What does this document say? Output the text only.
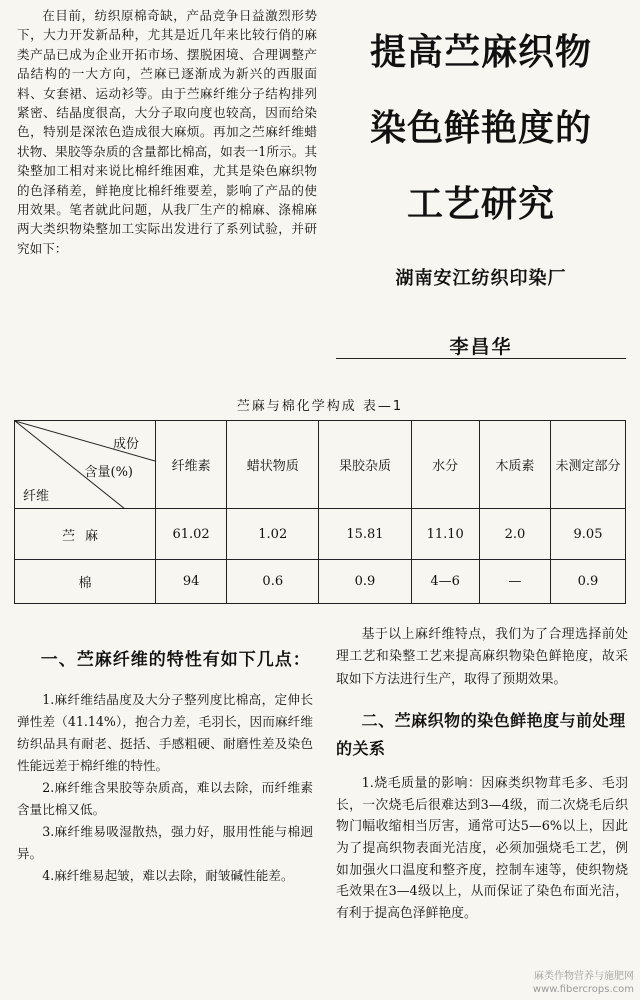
在目前，纺织原棉奇缺，产品竞争日益激烈形势下，大力开发新品种，尤其是近几年来比较行俏的麻类产品已成为企业开拓市场、摆脱困境、合理调整产品结构的一大方向，苎麻已逐渐成为新兴的西服面料、女套裙、运动衫等。由于苎麻纤维分子结构排列紧密、结晶度很高，大分子取向度也较高，因而给染色，特别是深浓色造成很大麻烦。再加之苎麻纤维蜡状物、果胶等杂质的含量都比棉高，如表一1所示。其染整加工相对来说比棉纤维困难，尤其是染色麻织物的色泽稍差，鲜艳度比棉纤维要差，影响了产品的使用效果。笔者就此问题，从我厂生产的棉麻、涤棉麻两大类织物染整加工实际出发进行了系列试验，并研究如下：

提高苎麻织物
染色鲜艳度的
工艺研究
湖南安江纺织印染厂
李昌华
苎麻与棉化学构成 表—1
成份
含量(%)
纤维	纤维素	蜡状物质	果胶杂质	水分	木质素	未测定部分
苎麻	61.02	1.02	15.81	11.10	2.0	9.05
棉	94	0.6	0.9	4—6	—	0.9
一、苎麻纤维的特性有如下几点：

1.麻纤维结晶度及大分子整列度比棉高，定伸长弹性差（41.14%），抱合力差，毛羽长，因而麻纤维纺织品具有耐老、挺括、手感粗硬、耐磨性差及染色性能远差于棉纤维的特性。

2.麻纤维含果胶等杂质高，难以去除，而纤维素含量比棉又低。

3.麻纤维易吸湿散热，强力好，服用性能与棉迥异。

4.麻纤维易起皱，难以去除，耐皱碱性能差。

基于以上麻纤维特点，我们为了合理选择前处理工艺和染整工艺来提高麻织物染色鲜艳度，故采取如下方法进行生产，取得了预期效果。

二、苎麻织物的染色鲜艳度与前处理的关系

1.烧毛质量的影响：因麻类织物茸毛多、毛羽长，一次烧毛后很难达到3—4级，而二次烧毛后织物门幅收缩相当厉害，通常可达5—6%以上，因此为了提高织物表面光洁度，必须加强烧毛工艺，例如加强火口温度和整齐度，控制车速等，使织物烧毛效果在3—4级以上，从而保证了染色布面光洁，有利于提高色泽鲜艳度。

麻类作物营养与施肥网
www.fibercrops.com
